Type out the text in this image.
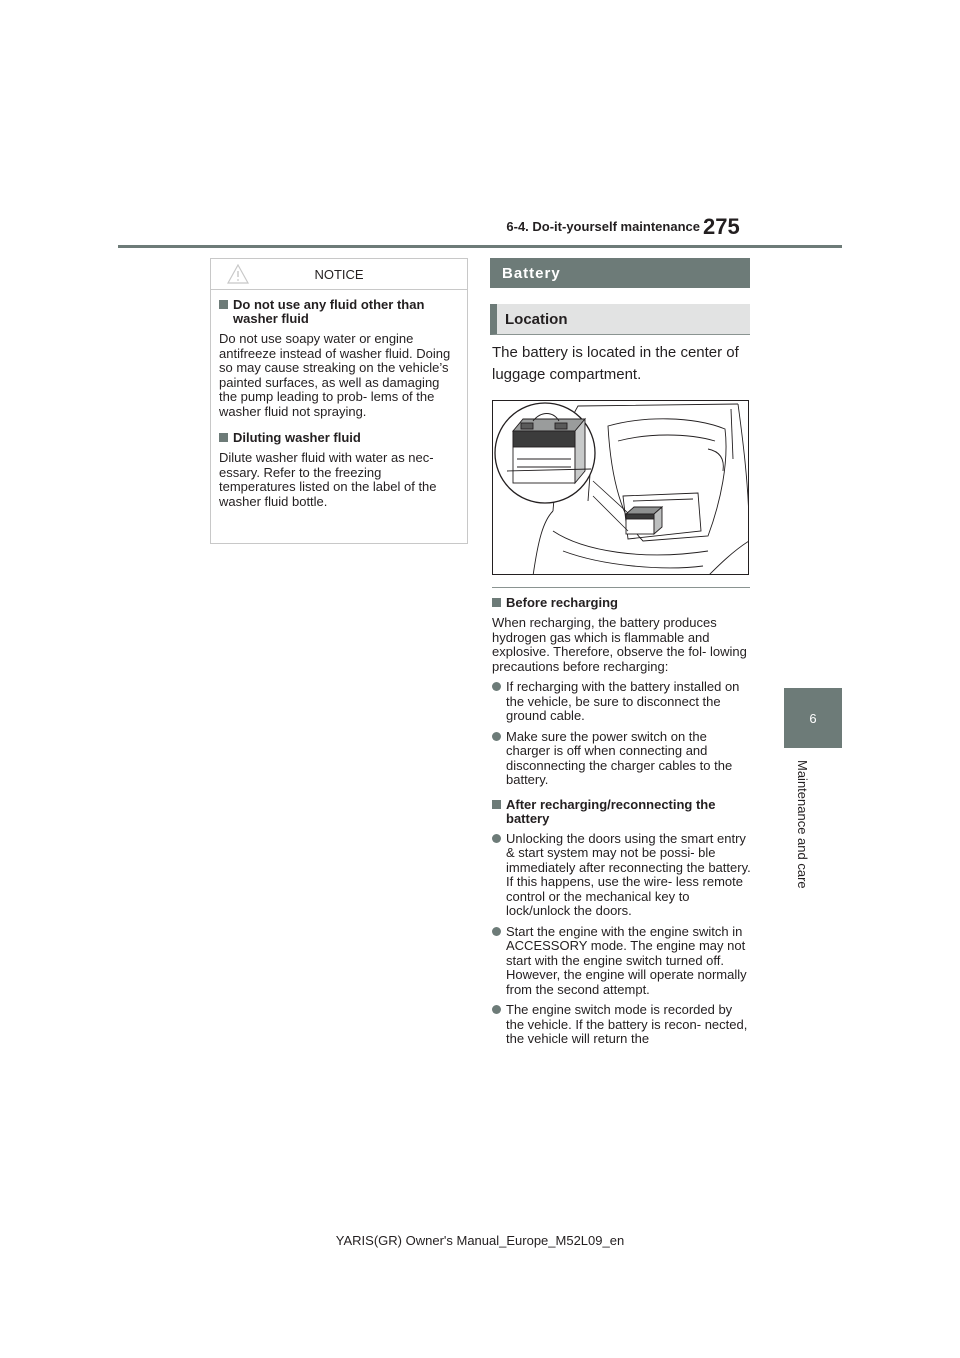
6-4. Do-it-yourself maintenance 275
6
Maintenance and care
NOTICE
Do not use any fluid other than washer fluid

Do not use soapy water or engine antifreeze instead of washer fluid. Doing so may cause streaking on the vehicle’s painted surfaces, as well as damaging the pump leading to prob- lems of the washer fluid not spraying.

Diluting washer fluid

Dilute washer fluid with water as nec- essary. Refer to the freezing temperatures listed on the label of the washer fluid bottle.

Battery
Location
The battery is located in the center of luggage compartment.
Before recharging

When recharging, the battery produces hydrogen gas which is flammable and explosive. Therefore, observe the fol- lowing precautions before recharging:

If recharging with the battery installed on the vehicle, be sure to disconnect the ground cable.

Make sure the power switch on the charger is off when connecting and disconnecting the charger cables to the battery.

After recharging/reconnecting the battery

Unlocking the doors using the smart entry & start system may not be possi- ble immediately after reconnecting the battery. If this happens, use the wire- less remote control or the mechanical key to lock/unlock the doors.

Start the engine with the engine switch in ACCESSORY mode. The engine may not start with the engine switch turned off. However, the engine will operate normally from the second attempt.

The engine switch mode is recorded by the vehicle. If the battery is recon- nected, the vehicle will return the

YARIS(GR) Owner's Manual_Europe_M52L09_en
